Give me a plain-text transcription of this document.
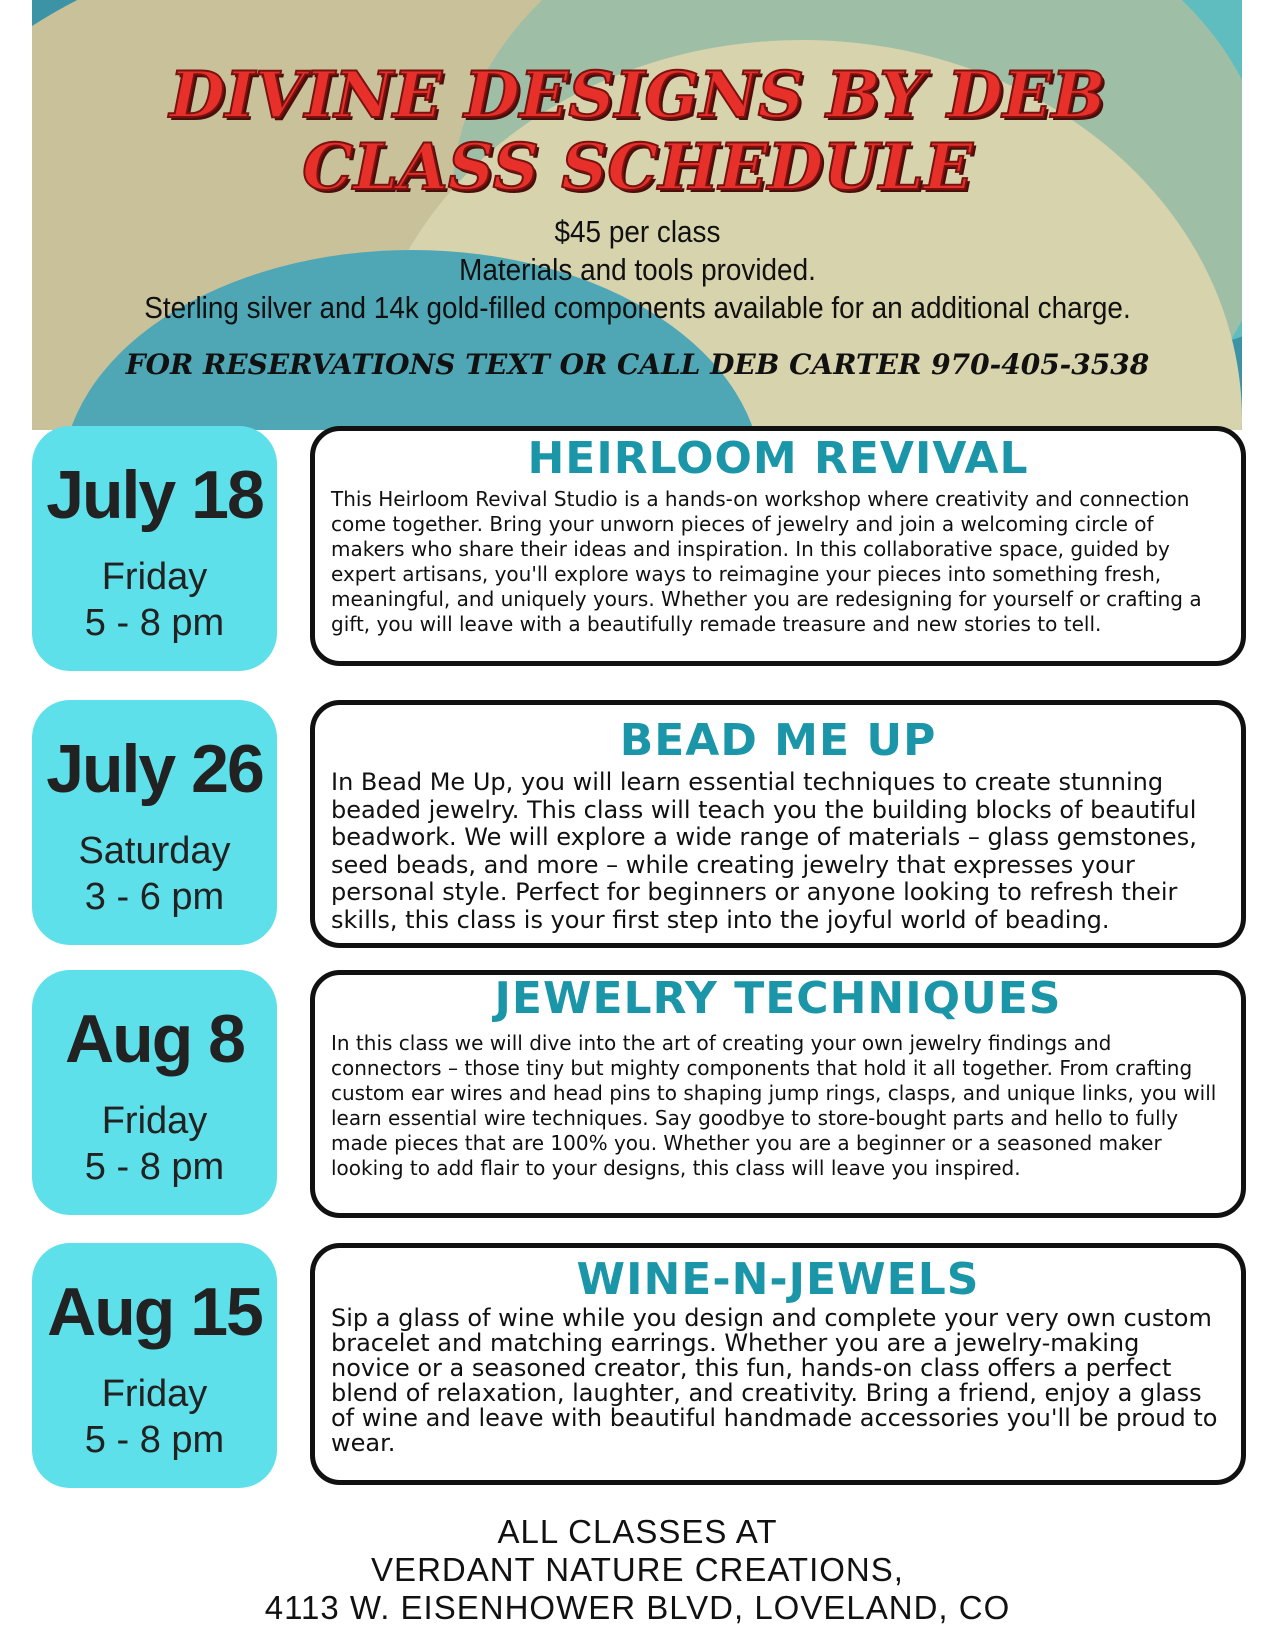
DIVINE DESIGNS BY DEB
CLASS SCHEDULE
$45 per class
Materials and tools provided.
Sterling silver and 14k gold-filled components available for an additional charge.
FOR RESERVATIONS TEXT OR CALL DEB CARTER 970-405-3538
July 18
Friday
5 - 8 pm
HEIRLOOM REVIVAL
This Heirloom Revival Studio is a hands-on workshop where creativity and connection come together. Bring your unworn pieces of jewelry and join a welcoming circle of makers who share their ideas and inspiration. In this collaborative space, guided by expert artisans, you'll explore ways to reimagine your pieces into something fresh, meaningful, and uniquely yours. Whether you are redesigning for yourself or crafting a gift, you will leave with a beautifully remade treasure and new stories to tell.
July 26
Saturday
3 - 6 pm
BEAD ME UP
In Bead Me Up, you will learn essential techniques to create stunning beaded jewelry. This class will teach you the building blocks of beautiful beadwork. We will explore a wide range of materials – glass gemstones, seed beads, and more – while creating jewelry that expresses your personal style. Perfect for beginners or anyone looking to refresh their skills, this class is your first step into the joyful world of beading.
Aug 8
Friday
5 - 8 pm
JEWELRY TECHNIQUES
In this class we will dive into the art of creating your own jewelry findings and connectors – those tiny but mighty components that hold it all together. From crafting custom ear wires and head pins to shaping jump rings, clasps, and unique links, you will learn essential wire techniques. Say goodbye to store-bought parts and hello to fully made pieces that are 100% you. Whether you are a beginner or a seasoned maker looking to add flair to your designs, this class will leave you inspired.
Aug 15
Friday
5 - 8 pm
WINE-N-JEWELS
Sip a glass of wine while you design and complete your very own custom bracelet and matching earrings. Whether you are a jewelry-making novice or a seasoned creator, this fun, hands-on class offers a perfect blend of relaxation, laughter, and creativity. Bring a friend, enjoy a glass of wine and leave with beautiful handmade accessories you'll be proud to wear.
ALL CLASSES AT
VERDANT NATURE CREATIONS,
4113 W. EISENHOWER BLVD, LOVELAND, CO
